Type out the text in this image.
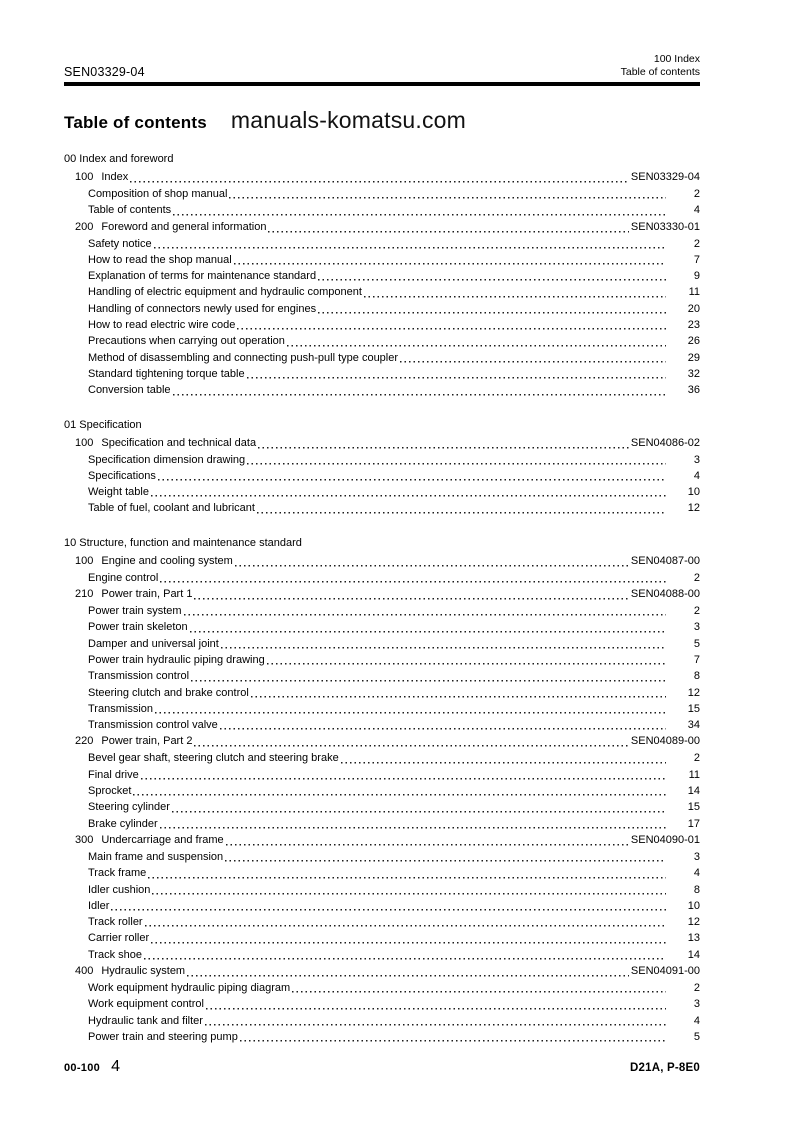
SEN03329-04
100 Index
Table of contents
Table of contents manuals-komatsu.com
00 Index and foreword
100 Index	SEN03329-04
Composition of shop manual	2
Table of contents	4
200 Foreword and general information	SEN03330-01
Safety notice	2
How to read the shop manual	7
Explanation of terms for maintenance standard	9
Handling of electric equipment and hydraulic component	11
Handling of connectors newly used for engines	20
How to read electric wire code	23
Precautions when carrying out operation	26
Method of disassembling and connecting push-pull type coupler	29
Standard tightening torque table	32
Conversion table	36
01 Specification
100 Specification and technical data	SEN04086-02
Specification dimension drawing	3
Specifications	4
Weight table	10
Table of fuel, coolant and lubricant	12
10 Structure, function and maintenance standard
100 Engine and cooling system	SEN04087-00
Engine control	2
210 Power train, Part 1	SEN04088-00
Power train system	2
Power train skeleton	3
Damper and universal joint	5
Power train hydraulic piping drawing	7
Transmission control	8
Steering clutch and brake control	12
Transmission	15
Transmission control valve	34
220 Power train, Part 2	SEN04089-00
Bevel gear shaft, steering clutch and steering brake	2
Final drive	11
Sprocket	14
Steering cylinder	15
Brake cylinder	17
300 Undercarriage and frame	SEN04090-01
Main frame and suspension	3
Track frame	4
Idler cushion	8
Idler	10
Track roller	12
Carrier roller	13
Track shoe	14
400 Hydraulic system	SEN04091-00
Work equipment hydraulic piping diagram	2
Work equipment control	3
Hydraulic tank and filter	4
Power train and steering pump	5
00-100 4	D21A, P-8E0
